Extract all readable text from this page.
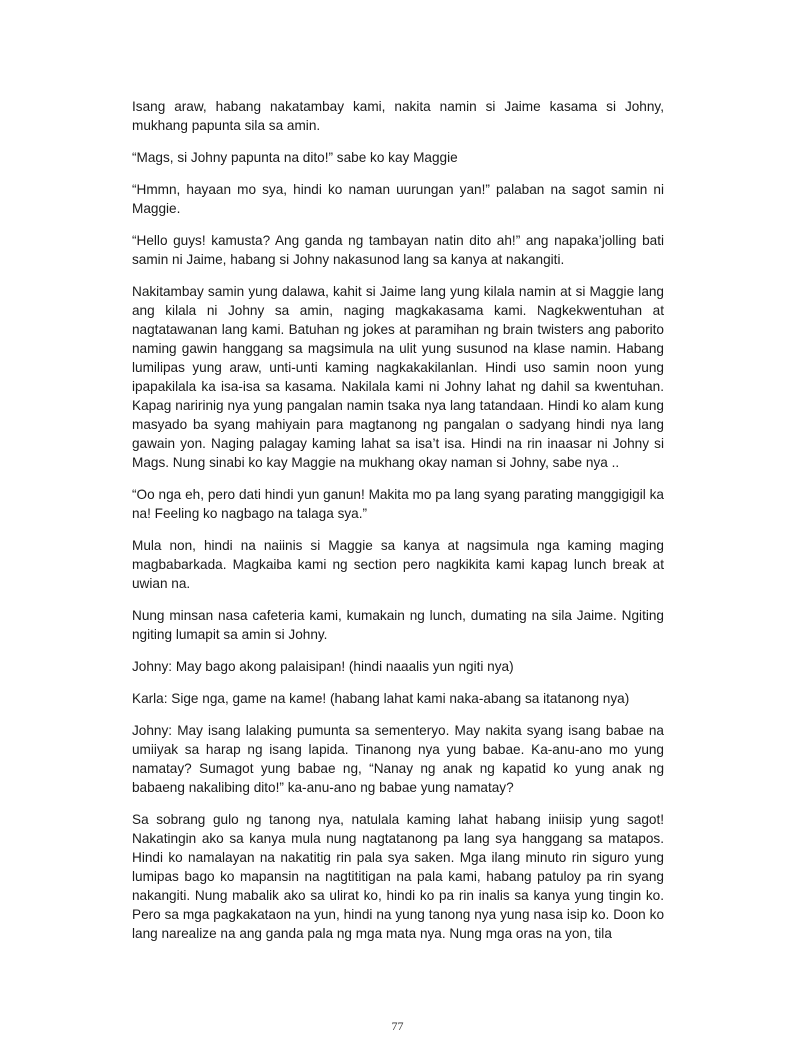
Isang araw, habang nakatambay kami, nakita namin si Jaime kasama si Johny, mukhang papunta sila sa amin.

“Mags, si Johny papunta na dito!” sabe ko kay Maggie

“Hmmn, hayaan mo sya, hindi ko naman uurungan yan!” palaban na sagot samin ni Maggie.

“Hello guys! kamusta? Ang ganda ng tambayan natin dito ah!” ang napaka’jolling bati samin ni Jaime, habang si Johny nakasunod lang sa kanya at nakangiti.

Nakitambay samin yung dalawa, kahit si Jaime lang yung kilala namin at si Maggie lang ang kilala ni Johny sa amin, naging magkakasama kami. Nagkekwentuhan at nagtatawanan lang kami. Batuhan ng jokes at paramihan ng brain twisters ang paborito naming gawin hanggang sa magsimula na ulit yung susunod na klase namin. Habang lumilipas yung araw, unti-unti kaming nagkakakilanlan. Hindi uso samin noon yung ipapakilala ka isa-isa sa kasama. Nakilala kami ni Johny lahat ng dahil sa kwentuhan. Kapag naririnig nya yung pangalan namin tsaka nya lang tatandaan. Hindi ko alam kung masyado ba syang mahiyain para magtanong ng pangalan o sadyang hindi nya lang gawain yon. Naging palagay kaming lahat sa isa’t isa. Hindi na rin inaasar ni Johny si Mags. Nung sinabi ko kay Maggie na mukhang okay naman si Johny, sabe nya ..

“Oo nga eh, pero dati hindi yun ganun! Makita mo pa lang syang parating manggigigil ka na! Feeling ko nagbago na talaga sya.”

Mula non, hindi na naiinis si Maggie sa kanya at nagsimula nga kaming maging magbabarkada. Magkaiba kami ng section pero nagkikita kami kapag lunch break at uwian na.

Nung minsan nasa cafeteria kami, kumakain ng lunch, dumating na sila Jaime. Ngiting ngiting lumapit sa amin si Johny.

Johny: May bago akong palaisipan! (hindi naaalis yun ngiti nya)

Karla: Sige nga, game na kame! (habang lahat kami naka-abang sa itatanong nya)

Johny: May isang lalaking pumunta sa sementeryo. May nakita syang isang babae na umiiyak sa harap ng isang lapida. Tinanong nya yung babae. Ka-anu-ano mo yung namatay? Sumagot yung babae ng, “Nanay ng anak ng kapatid ko yung anak ng babaeng nakalibing dito!” ka-anu-ano ng babae yung namatay?

Sa sobrang gulo ng tanong nya, natulala kaming lahat habang iniisip yung sagot! Nakatingin ako sa kanya mula nung nagtatanong pa lang sya hanggang sa matapos. Hindi ko namalayan na nakatitig rin pala sya saken. Mga ilang minuto rin siguro yung lumipas bago ko mapansin na nagtititigan na pala kami, habang patuloy pa rin syang nakangiti. Nung mabalik ako sa ulirat ko, hindi ko pa rin inalis sa kanya yung tingin ko. Pero sa mga pagkakataon na yun, hindi na yung tanong nya yung nasa isip ko. Doon ko lang narealize na ang ganda pala ng mga mata nya. Nung mga oras na yon, tila

77
